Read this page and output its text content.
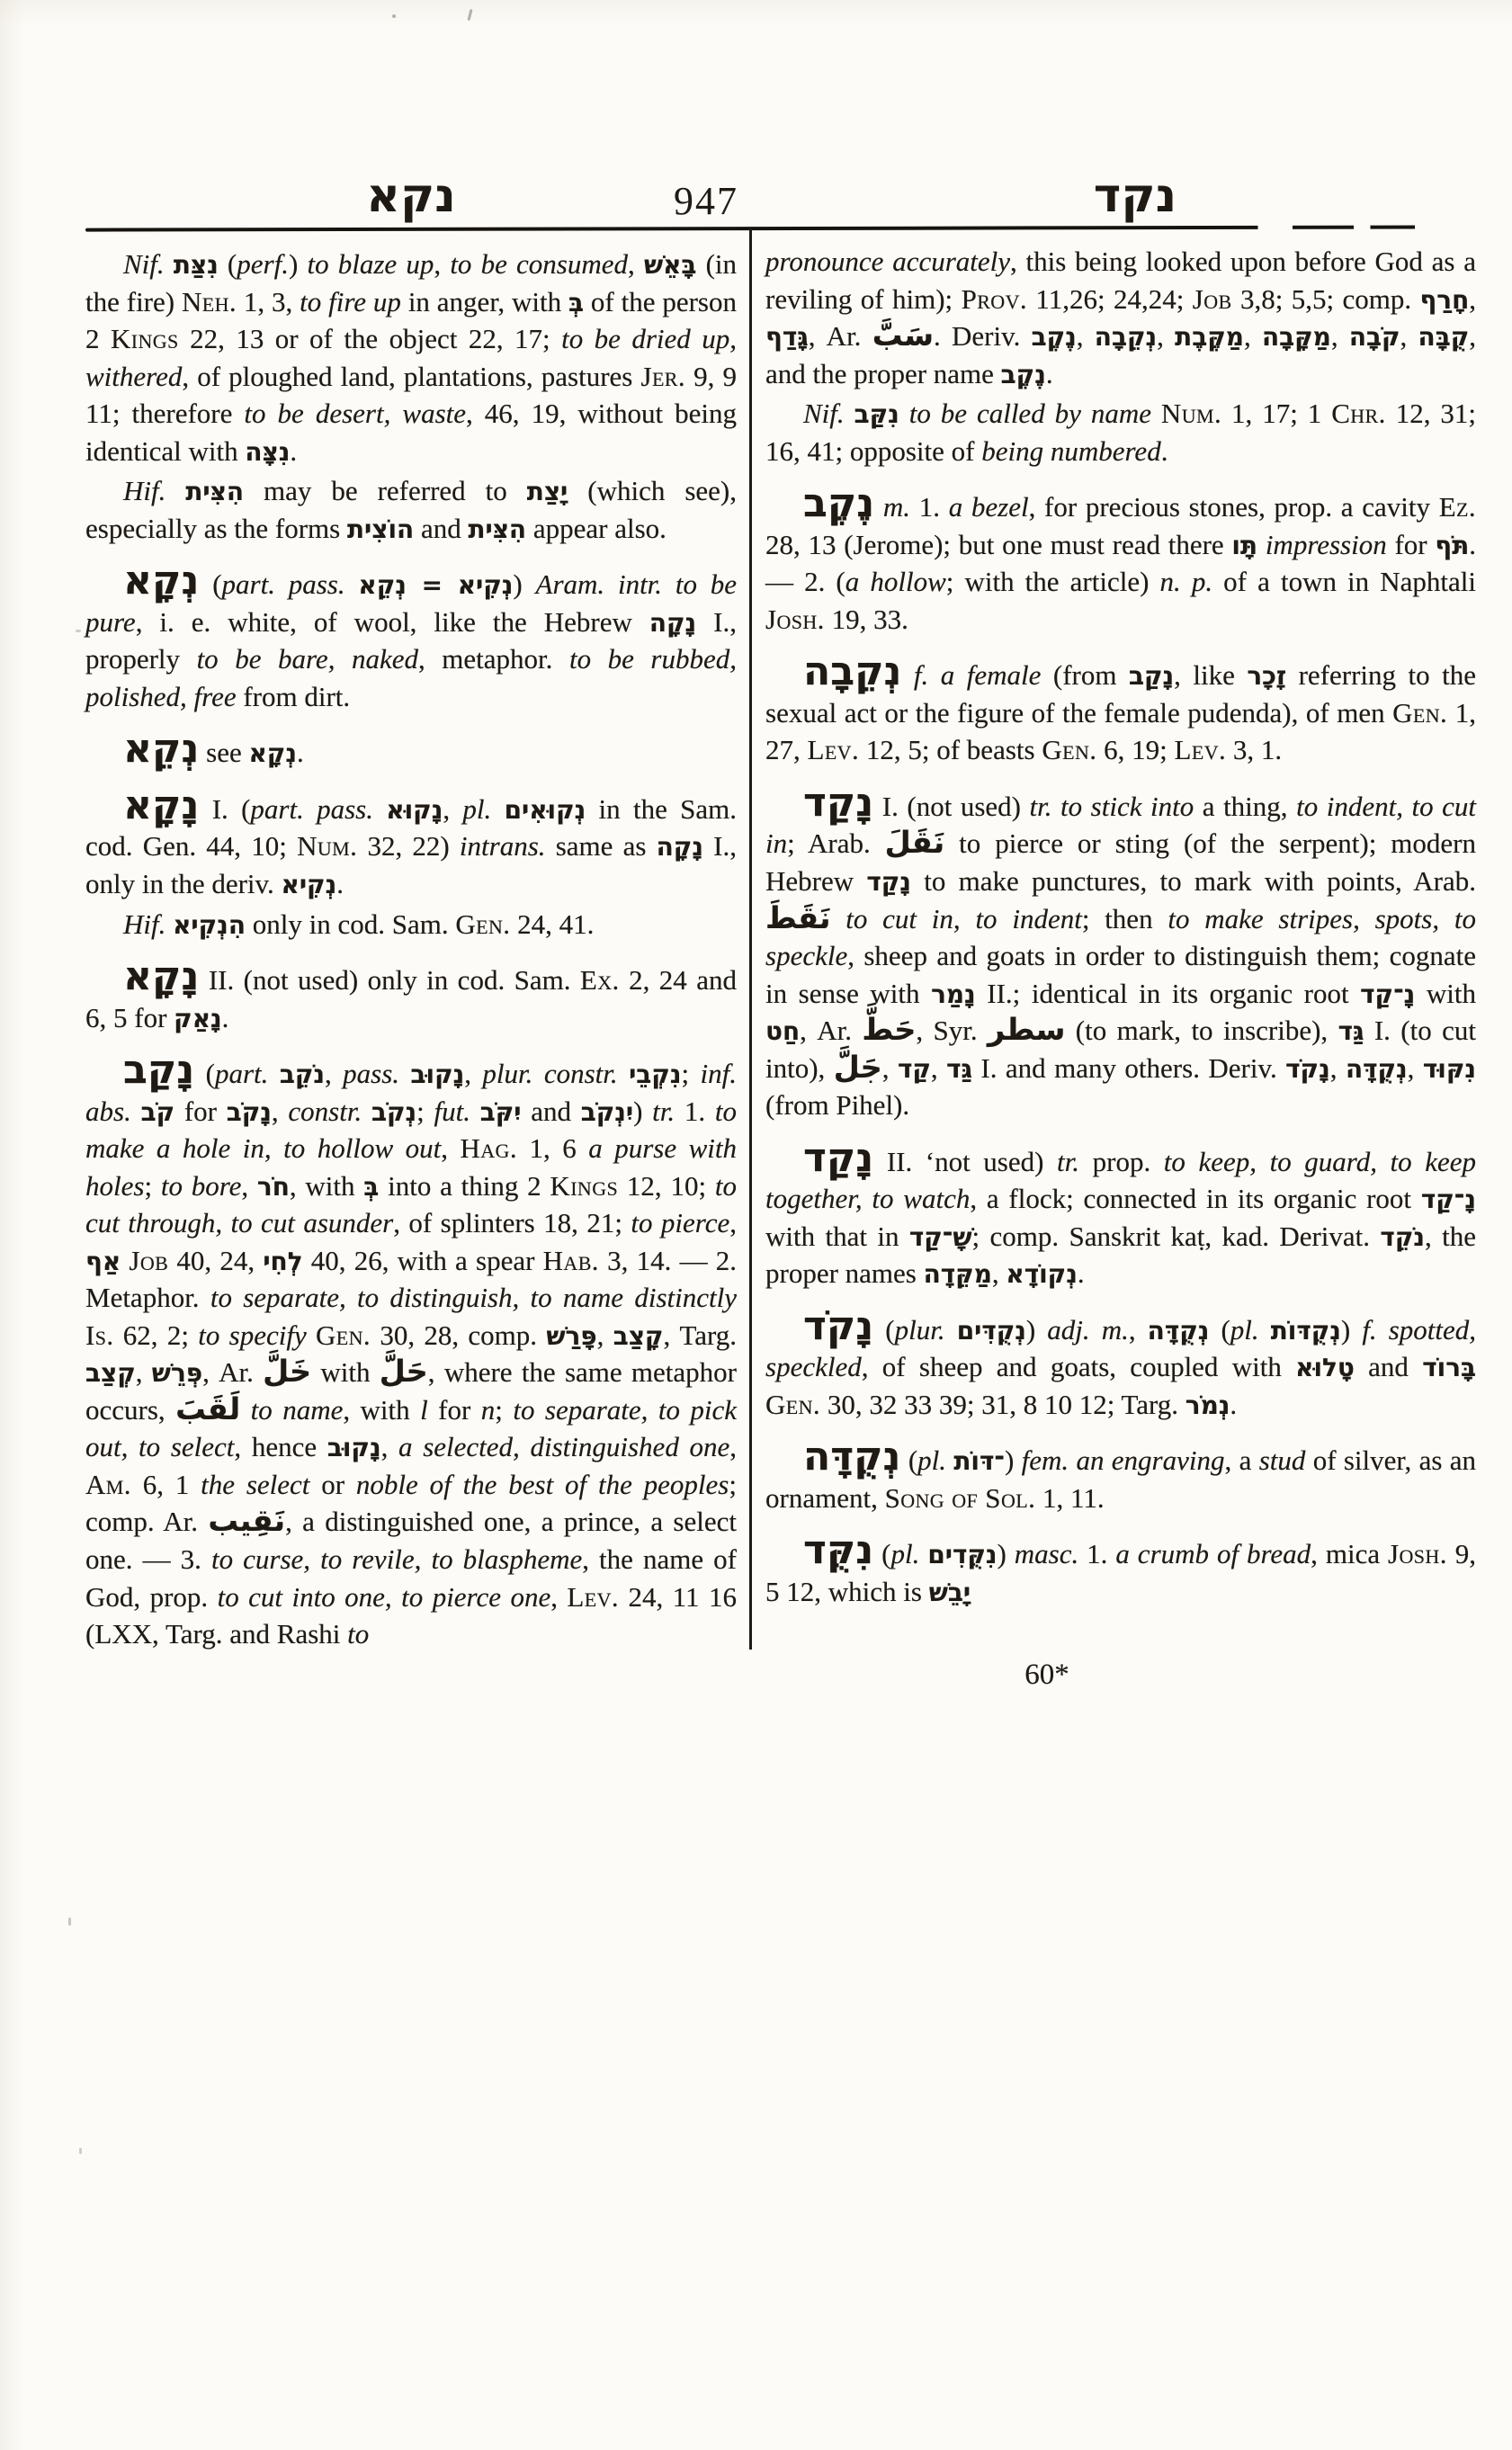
נקא	947	נקד

Nif. נִצַּת (perf.) to blaze up, to be consumed, בָּאֵשׁ (in the fire) Neh. 1, 3, to fire up in anger, with בְּ of the person 2 Kings 22, 13 or of the object 22, 17; to be dried up, withered, of ploughed land, plantations, pastures Jer. 9, 9 11; therefore to be desert, waste, 46, 19, without being identical with נִצָּה.

Hif. הִצִּית may be referred to יָצַת (which see), especially as the forms הוֹצִית and הִצִּית appear also.

נְקָא (part. pass. נְקִיא = נְקֵא) Aram. intr. to be pure, i. e. white, of wool, like the Hebrew נָקָה I., properly to be bare, naked, metaphor. to be rubbed, polished, free from dirt.

נְקֵא see נְקָא.

נָקָא I. (part. pass. נָקוּא, pl. נְקוּאִים in the Sam. cod. Gen. 44, 10; Num. 32, 22) intrans. same as נָקָה I., only in the deriv. נְקִיא.

Hif. הִנְקִיא only in cod. Sam. Gen. 24, 41.

נָקָא II. (not used) only in cod. Sam. Ex. 2, 24 and 6, 5 for נָאַק.

נָקַב (part. נֹקֵב, pass. נָקוּב, plur. constr. נִקְבֵי; inf. abs. קֹב for נָקֹב, constr. נְקֹב; fut. יִקֹּב and יִנְקֹב) tr. 1. to make a hole in, to hollow out, Hag. 1, 6 a purse with holes; to bore, חֹר, with בְּ into a thing 2 Kings 12, 10; to cut through, to cut asunder, of splinters 18, 21; to pierce, אַף Job 40, 24, לְחִי 40, 26, with a spear Hab. 3, 14. — 2. Metaphor. to separate, to distinguish, to name distinctly Is. 62, 2; to specify Gen. 30, 28, comp. פָּרַשׁ, קָצַב, Targ. קְצַב, פְּרֵשׁ, Ar. خَلَّ with حَلَّ, where the same metaphor occurs, لَقَبَ to name, with l for n; to separate, to pick out, to select, hence נָקוּב, a selected, distinguished one, Am. 6, 1 the select or noble of the best of the peoples; comp. Ar. نَقِيب, a distinguished one, a prince, a select one. — 3. to curse, to revile, to blaspheme, the name of God, prop. to cut into one, to pierce one, Lev. 24, 11 16 (LXX, Targ. and Rashi to

pronounce accurately, this being looked upon before God as a reviling of him); Prov. 11,26; 24,24; Job 3,8; 5,5; comp. חָרַף, גָּדַף, Ar. سَبَّ. Deriv. נֶקֶב, נְקֵבָה, מַקֶּבֶת, מַקָּבָה, קֹבָה, קֻבָּה, and the proper name נֶקֶב.

Nif. נִקַּב to be called by name Num. 1, 17; 1 Chr. 12, 31; 16, 41; opposite of being numbered.

נֶקֶב m. 1. a bezel, for precious stones, prop. a cavity Ez. 28, 13 (Jerome); but one must read there תָּו impression for תֹּף. — 2. (a hollow; with the article) n. p. of a town in Naphtali Josh. 19, 33.

נְקֵבָה f. a female (from נָקַב, like זָכָר referring to the sexual act or the figure of the female pudenda), of men Gen. 1, 27, Lev. 12, 5; of beasts Gen. 6, 19; Lev. 3, 1.

נָקַד I. (not used) tr. to stick into a thing, to indent, to cut in; Arab. نَقَلَ to pierce or sting (of the serpent); modern Hebrew נָקַד to make punctures, to mark with points, Arab. نَقَطَ to cut in, to indent; then to make stripes, spots, to speckle, sheep and goats in order to distinguish them; cognate in sense with נָמַר II.; identical in its organic root נָ־קַד with חַט, Ar. حَطَّ, Syr. سطر (to mark, to inscribe), גַּד I. (to cut into), جَلَّ, קַד, גַּד I. and many others. Deriv. נָקֹד, נְקֻדָּה, נִקּוּד (from Pihel).

נָקַד II. ʻnot used) tr. prop. to keep, to guard, to keep together, to watch, a flock; connected in its organic root נָ־קַד with that in שָׁ־קַד; comp. Sanskrit kaṭ, kad. Derivat. נֹקֵד, the proper names מַקֵּדָה, נְקוֹדָא.

נָקֹד (plur. נְקֻדִּים) adj. m., נְקֻדָּה (pl. נְקֻדּוֹת) f. spotted, speckled, of sheep and goats, coupled with טָלוּא and בָּרוֹד Gen. 30, 32 33 39; 31, 8 10 12; Targ. נְמֹר.

נְקֻדָּה (pl. ־דּוֹת) fem. an engraving, a stud of silver, as an ornament, Song of Sol. 1, 11.

נִקֻּד (pl. נִקֻּדִים) masc. 1. a crumb of bread, mica Josh. 9, 5 12, which is יָבֵשׁ

60*
